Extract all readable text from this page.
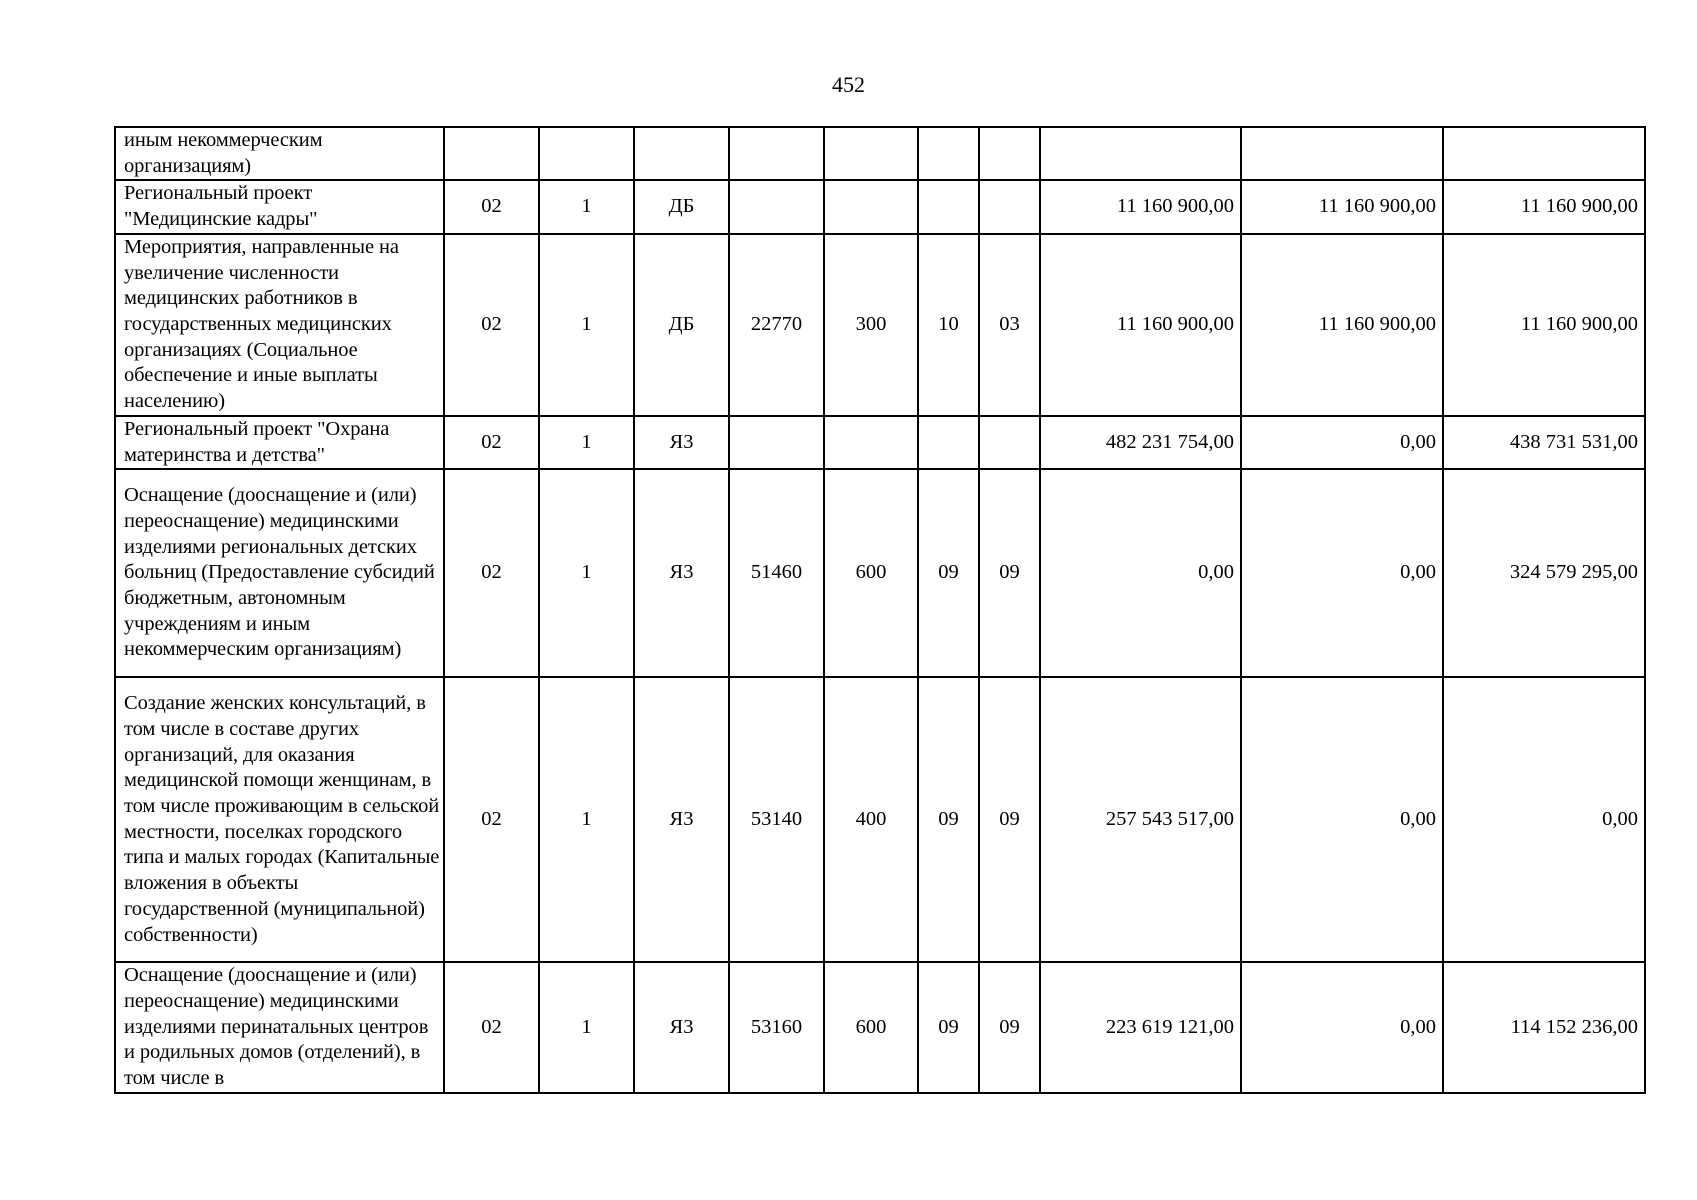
452
иным некоммерческим организациям)										
Региональный проект "Медицинские кадры"	02	1	ДБ					11 160 900,00	11 160 900,00	11 160 900,00
Мероприятия, направленные на увеличение численности медицинских работников в государственных медицинских организациях (Социальное обеспечение и иные выплаты населению)	02	1	ДБ	22770	300	10	03	11 160 900,00	11 160 900,00	11 160 900,00
Региональный проект "Охрана материнства и детства"	02	1	Я3					482 231 754,00	0,00	438 731 531,00
Оснащение (дооснащение и (или) переоснащение) медицинскими изделиями региональных детских больниц (Предоставление субсидий бюджетным, автономным учреждениям и иным некоммерческим организациям)	02	1	Я3	51460	600	09	09	0,00	0,00	324 579 295,00
Создание женских консультаций, в том числе в составе других организаций, для оказания медицинской помощи женщинам, в том числе проживающим в сельской местности, поселках городского типа и малых городах (Капитальные вложения в объекты государственной (муниципальной) собственности)	02	1	Я3	53140	400	09	09	257 543 517,00	0,00	0,00
Оснащение (дооснащение и (или) переоснащение) медицинскими изделиями перинатальных центров и родильных домов (отделений), в том числе в	02	1	Я3	53160	600	09	09	223 619 121,00	0,00	114 152 236,00
